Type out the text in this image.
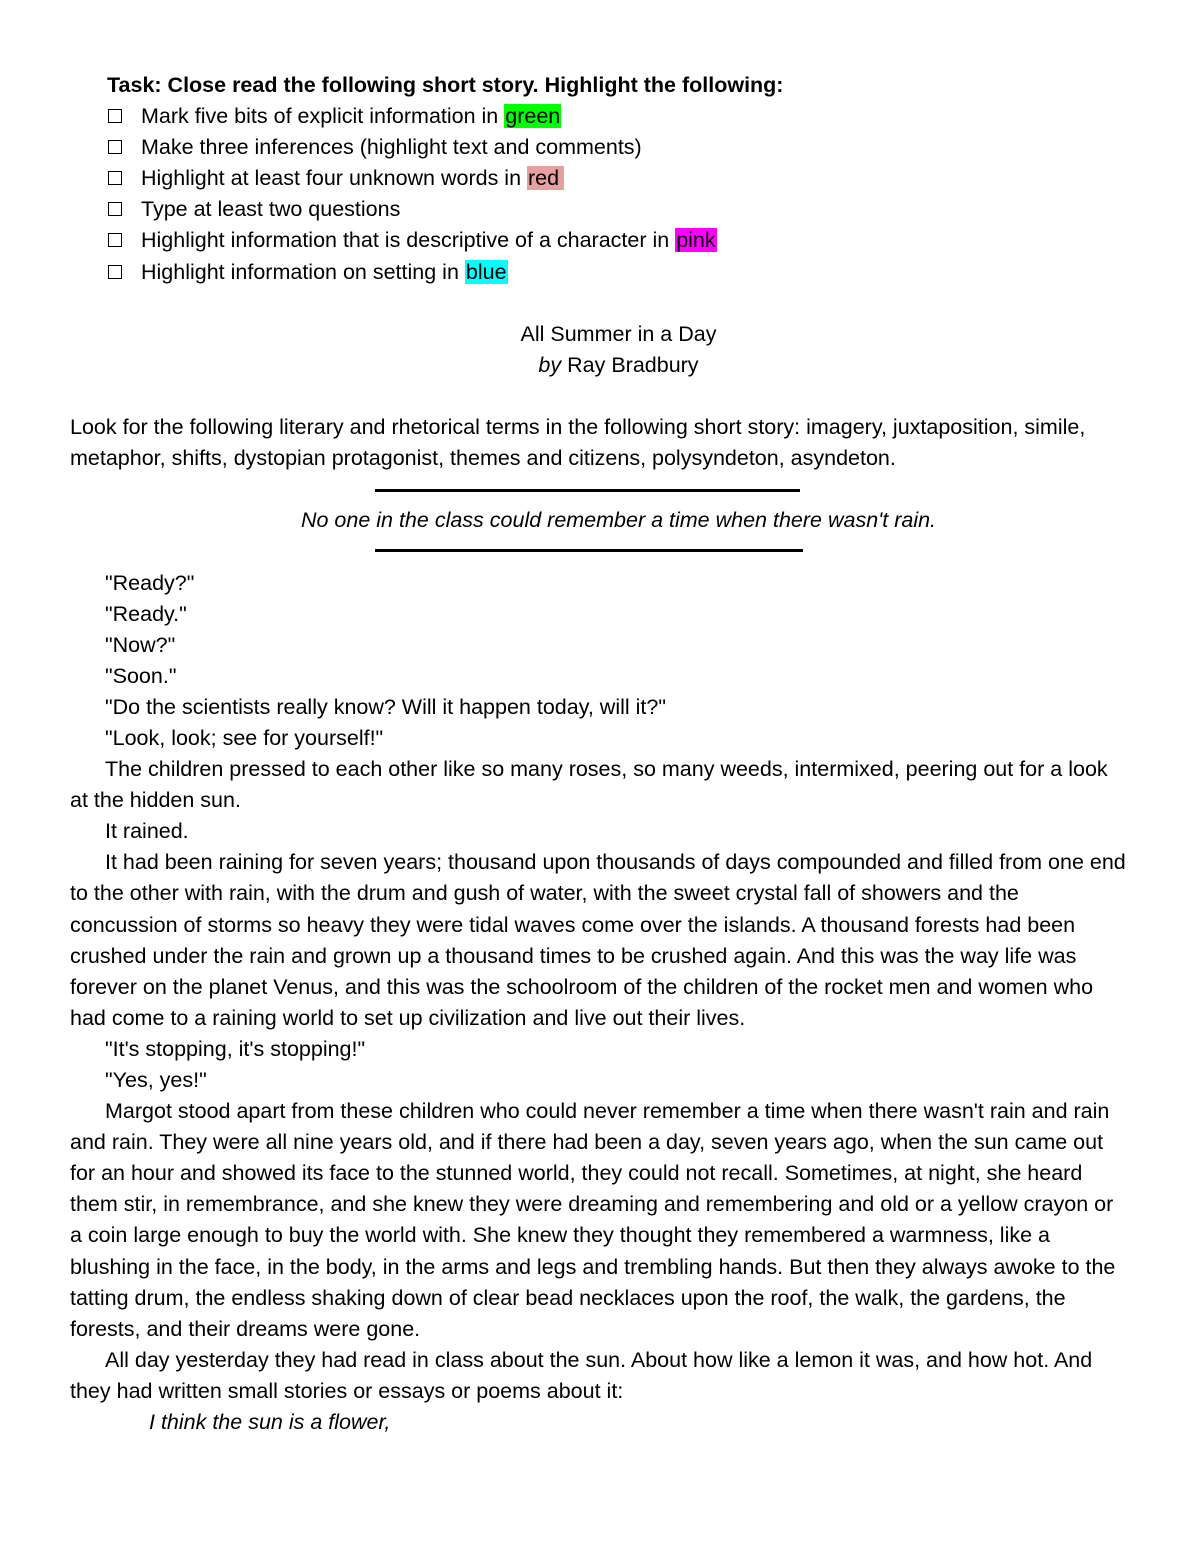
Task: Close read the following short story. Highlight the following:
Mark five bits of explicit information in green
Make three inferences (highlight text and comments)
Highlight at least four unknown words in red
Type at least two questions
Highlight information that is descriptive of a character in pink
Highlight information on setting in blue
All Summer in a Day
by Ray Bradbury
Look for the following literary and rhetorical terms in the following short story: imagery, juxtaposition, simile, metaphor, shifts, dystopian protagonist, themes and citizens, polysyndeton, asyndeton.
No one in the class could remember a time when there wasn't rain.

"Ready?"

"Ready."

"Now?"

"Soon."

"Do the scientists really know? Will it happen today, will it?"

"Look, look; see for yourself!"

The children pressed to each other like so many roses, so many weeds, intermixed, peering out for a look at the hidden sun.

It rained.

It had been raining for seven years; thousand upon thousands of days compounded and filled from one end to the other with rain, with the drum and gush of water, with the sweet crystal fall of showers and the concussion of storms so heavy they were tidal waves come over the islands. A thousand forests had been crushed under the rain and grown up a thousand times to be crushed again. And this was the way life was forever on the planet Venus, and this was the schoolroom of the children of the rocket men and women who had come to a raining world to set up civilization and live out their lives.

"It's stopping, it's stopping!"

"Yes, yes!"

Margot stood apart from these children who could never remember a time when there wasn't rain and rain and rain. They were all nine years old, and if there had been a day, seven years ago, when the sun came out for an hour and showed its face to the stunned world, they could not recall. Sometimes, at night, she heard them stir, in remembrance, and she knew they were dreaming and remembering and old or a yellow crayon or a coin large enough to buy the world with. She knew they thought they remembered a warmness, like a blushing in the face, in the body, in the arms and legs and trembling hands. But then they always awoke to the tatting drum, the endless shaking down of clear bead necklaces upon the roof, the walk, the gardens, the forests, and their dreams were gone.

All day yesterday they had read in class about the sun. About how like a lemon it was, and how hot. And they had written small stories or essays or poems about it:

I think the sun is a flower,
